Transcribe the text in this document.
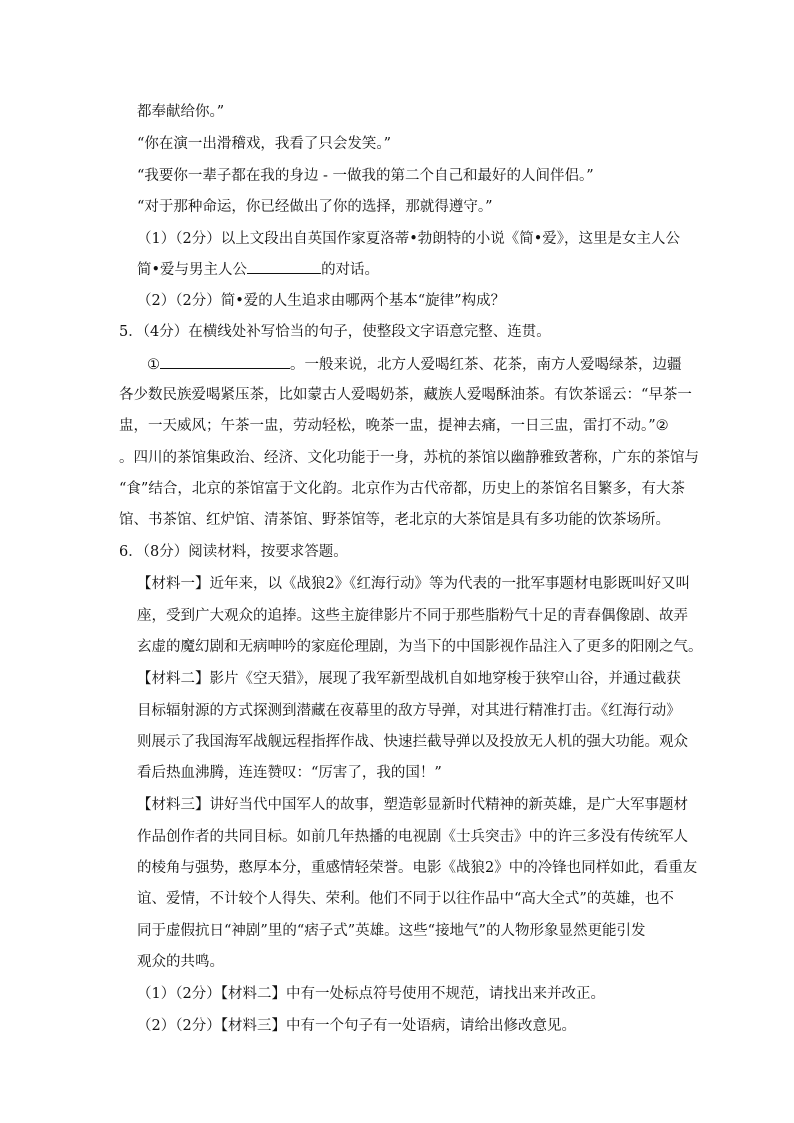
都奉献给你。”
“你在演一出滑稽戏，我看了只会发笑。”
“我要你一辈子都在我的身边 - 一做我的第二个自己和最好的人间伴侣。”
“对于那种命运，你已经做出了你的选择，那就得遵守。”
（1）（2分）以上文段出自英国作家夏洛蒂•勃朗特的小说《简•爱》，这里是女主人公
简•爱与男主人公	的对话。
（2）（2分）简•爱的人生追求由哪两个基本“旋律”构成？
5．（4分）在横线处补写恰当的句子，使整段文字语意完整、连贯。
①	。一般来说，北方人爱喝红茶、花茶，南方人爱喝绿茶，边疆
各少数民族爱喝紧压茶，比如蒙古人爱喝奶茶，藏族人爱喝酥油茶。有饮茶谣云：“早茶一
盅，一天威风；午茶一盅，劳动轻松，晚茶一盅，提神去痛，一日三盅，雷打不动。”②
。四川的茶馆集政治、经济、文化功能于一身，苏杭的茶馆以幽静雅致著称，广东的茶馆与
“食”结合，北京的茶馆富于文化韵。北京作为古代帝都，历史上的茶馆名目繁多，有大茶
馆、书茶馆、红炉馆、清茶馆、野茶馆等，老北京的大茶馆是具有多功能的饮茶场所。
6．（8分）阅读材料，按要求答题。
【材料一】近年来，以《战狼2》《红海行动》等为代表的一批军事题材电影既叫好又叫
座，受到广大观众的追捧。这些主旋律影片不同于那些脂粉气十足的青春偶像剧、故弄
玄虚的魔幻剧和无病呻吟的家庭伦理剧，为当下的中国影视作品注入了更多的阳刚之气。
【材料二】影片《空天猎》，展现了我军新型战机自如地穿梭于狭窄山谷，并通过截获
目标辐射源的方式探测到潜藏在夜幕里的敌方导弹，对其进行精准打击。《红海行动》
则展示了我国海军战舰远程指挥作战、快速拦截导弹以及投放无人机的强大功能。观众
看后热血沸腾，连连赞叹：“厉害了，我的国！”
【材料三】讲好当代中国军人的故事，塑造彰显新时代精神的新英雄，是广大军事题材
作品创作者的共同目标。如前几年热播的电视剧《士兵突击》中的许三多没有传统军人
的棱角与强势，憨厚本分，重感情轻荣誉。电影《战狼2》中的冷锋也同样如此，看重友
谊、爱情，不计较个人得失、荣利。他们不同于以往作品中“高大全式”的英雄，也不
同于虚假抗日“神剧”里的“痞子式”英雄。这些“接地气”的人物形象显然更能引发
观众的共鸣。
（1）（2分）【材料二】中有一处标点符号使用不规范，请找出来并改正。
（2）（2分）【材料三】中有一个句子有一处语病，请给出修改意见。
